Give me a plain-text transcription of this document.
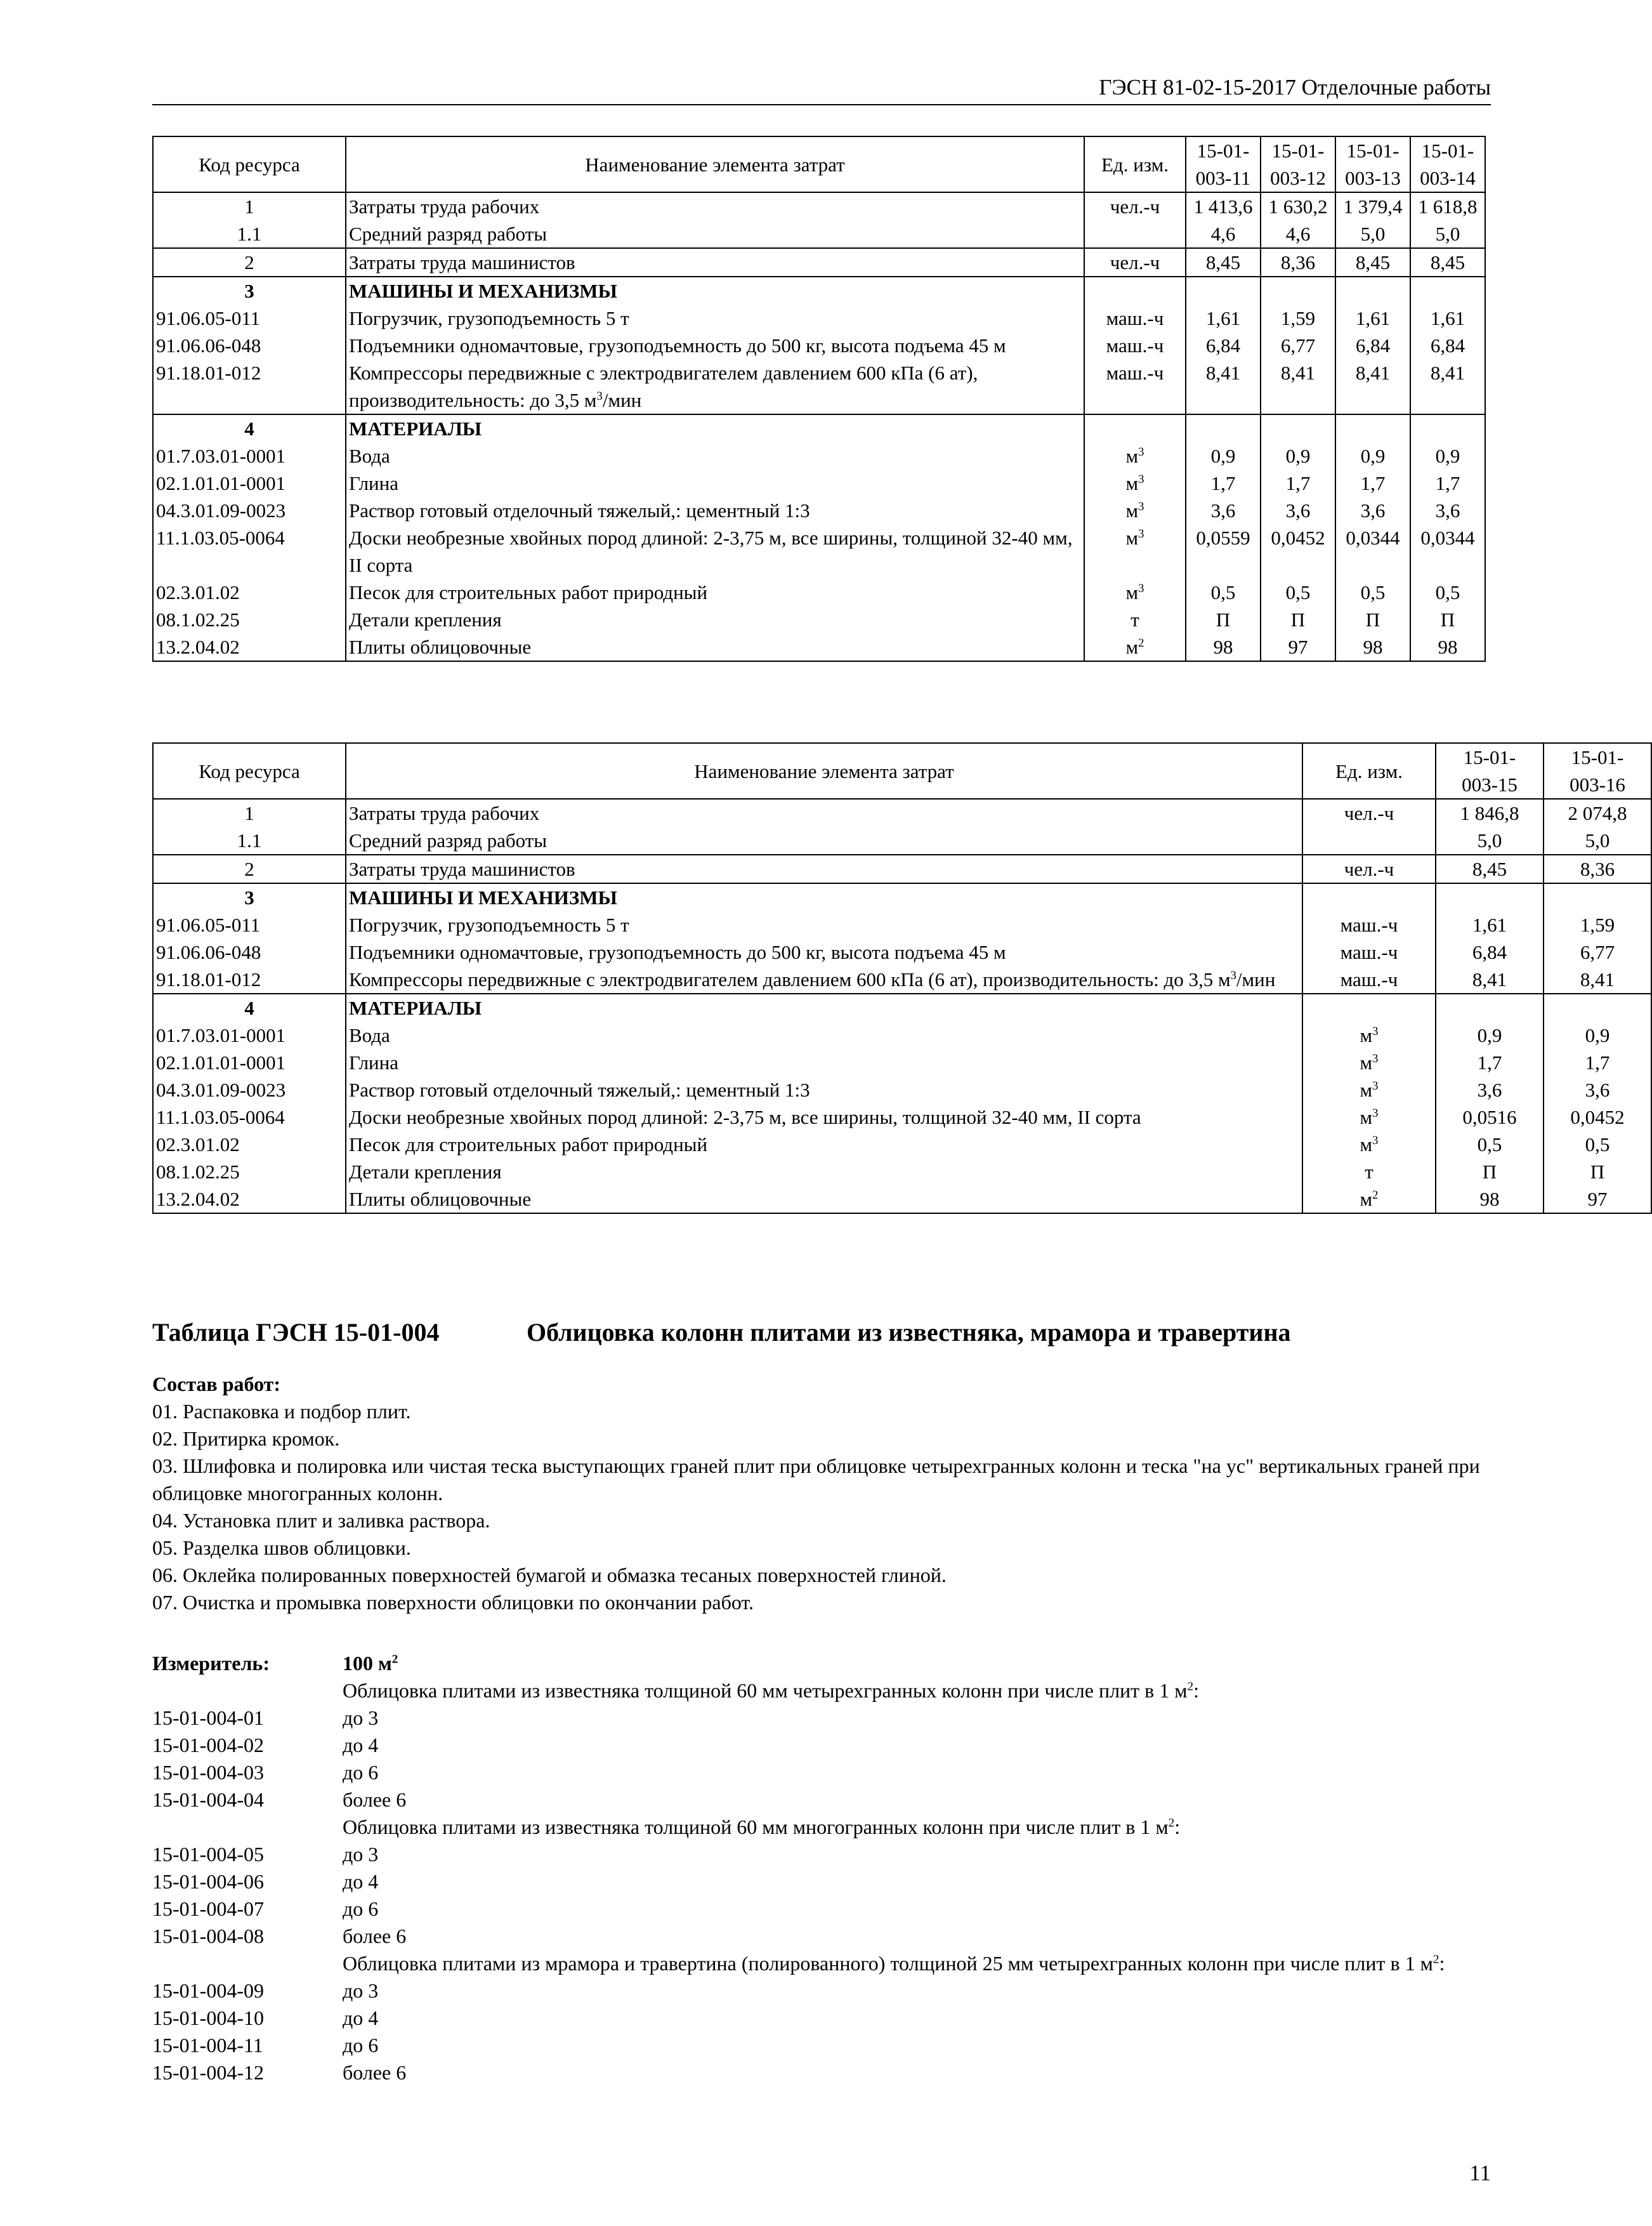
ГЭСН 81-02-15-2017 Отделочные работы
Код ресурса	Наименование элемента затрат	Ед. изм.	15-01-
003-11	15-01-
003-12	15-01-
003-13	15-01-
003-14
1	Затраты труда рабочих	чел.-ч	1 413,6	1 630,2	1 379,4	1 618,8
1.1	Средний разряд работы		4,6	4,6	5,0	5,0
2	Затраты труда машинистов	чел.-ч	8,45	8,36	8,45	8,45
3	МАШИНЫ И МЕХАНИЗМЫ					
91.06.05-011	Погрузчик, грузоподъемность 5 т	маш.-ч	1,61	1,59	1,61	1,61
91.06.06-048	Подъемники одномачтовые, грузоподъемность до 500 кг, высота подъема 45 м	маш.-ч	6,84	6,77	6,84	6,84
91.18.01-012	Компрессоры передвижные с электродвигателем давлением 600 кПа (6 ат), производительность: до 3,5 $м^3$/мин	маш.-ч	8,41	8,41	8,41	8,41
4	МАТЕРИАЛЫ					
01.7.03.01-0001	Вода	$м^3$	0,9	0,9	0,9	0,9
02.1.01.01-0001	Глина	$м^3$	1,7	1,7	1,7	1,7
04.3.01.09-0023	Раствор готовый отделочный тяжелый,: цементный 1:3	$м^3$	3,6	3,6	3,6	3,6
11.1.03.05-0064	Доски необрезные хвойных пород длиной: 2-3,75 м, все ширины, толщиной 32-40 мм, II сорта	$м^3$	0,0559	0,0452	0,0344	0,0344
02.3.01.02	Песок для строительных работ природный	$м^3$	0,5	0,5	0,5	0,5
08.1.02.25	Детали крепления	т	П	П	П	П
13.2.04.02	Плиты облицовочные	$м^2$	98	97	98	98
Код ресурса	Наименование элемента затрат	Ед. изм.	15-01-
003-15	15-01-
003-16
1	Затраты труда рабочих	чел.-ч	1 846,8	2 074,8
1.1	Средний разряд работы		5,0	5,0
2	Затраты труда машинистов	чел.-ч	8,45	8,36
3	МАШИНЫ И МЕХАНИЗМЫ			
91.06.05-011	Погрузчик, грузоподъемность 5 т	маш.-ч	1,61	1,59
91.06.06-048	Подъемники одномачтовые, грузоподъемность до 500 кг, высота подъема 45 м	маш.-ч	6,84	6,77
91.18.01-012	Компрессоры передвижные с электродвигателем давлением 600 кПа (6 ат), производительность: до 3,5 $м^3$/мин	маш.-ч	8,41	8,41
4	МАТЕРИАЛЫ			
01.7.03.01-0001	Вода	$м^3$	0,9	0,9
02.1.01.01-0001	Глина	$м^3$	1,7	1,7
04.3.01.09-0023	Раствор готовый отделочный тяжелый,: цементный 1:3	$м^3$	3,6	3,6
11.1.03.05-0064	Доски необрезные хвойных пород длиной: 2-3,75 м, все ширины, толщиной 32-40 мм, II сорта	$м^3$	0,0516	0,0452
02.3.01.02	Песок для строительных работ природный	$м^3$	0,5	0,5
08.1.02.25	Детали крепления	т	П	П
13.2.04.02	Плиты облицовочные	$м^2$	98	97
Таблица ГЭСН 15-01-004	Облицовка колонн плитами из известняка, мрамора и травертина
Состав работ:
01. Распаковка и подбор плит.
02. Притирка кромок.
03. Шлифовка и полировка или чистая теска выступающих граней плит при облицовке четырехгранных колонн и теска "на ус" вертикальных граней при облицовке многогранных колонн.
04. Установка плит и заливка раствора.
05. Разделка швов облицовки.
06. Оклейка полированных поверхностей бумагой и обмазка тесаных поверхностей глиной.
07. Очистка и промывка поверхности облицовки по окончании работ.
Измеритель:	100 $м^2$
Облицовка плитами из известняка толщиной 60 мм четырехгранных колонн при числе плит в 1 $м^2$:
15-01-004-01	до 3
15-01-004-02	до 4
15-01-004-03	до 6
15-01-004-04	более 6
Облицовка плитами из известняка толщиной 60 мм многогранных колонн при числе плит в 1 $м^2$:
15-01-004-05	до 3
15-01-004-06	до 4
15-01-004-07	до 6
15-01-004-08	более 6
Облицовка плитами из мрамора и травертина (полированного) толщиной 25 мм четырехгранных колонн при числе плит в 1 $м^2$:
15-01-004-09	до 3
15-01-004-10	до 4
15-01-004-11	до 6
15-01-004-12	более 6
11
